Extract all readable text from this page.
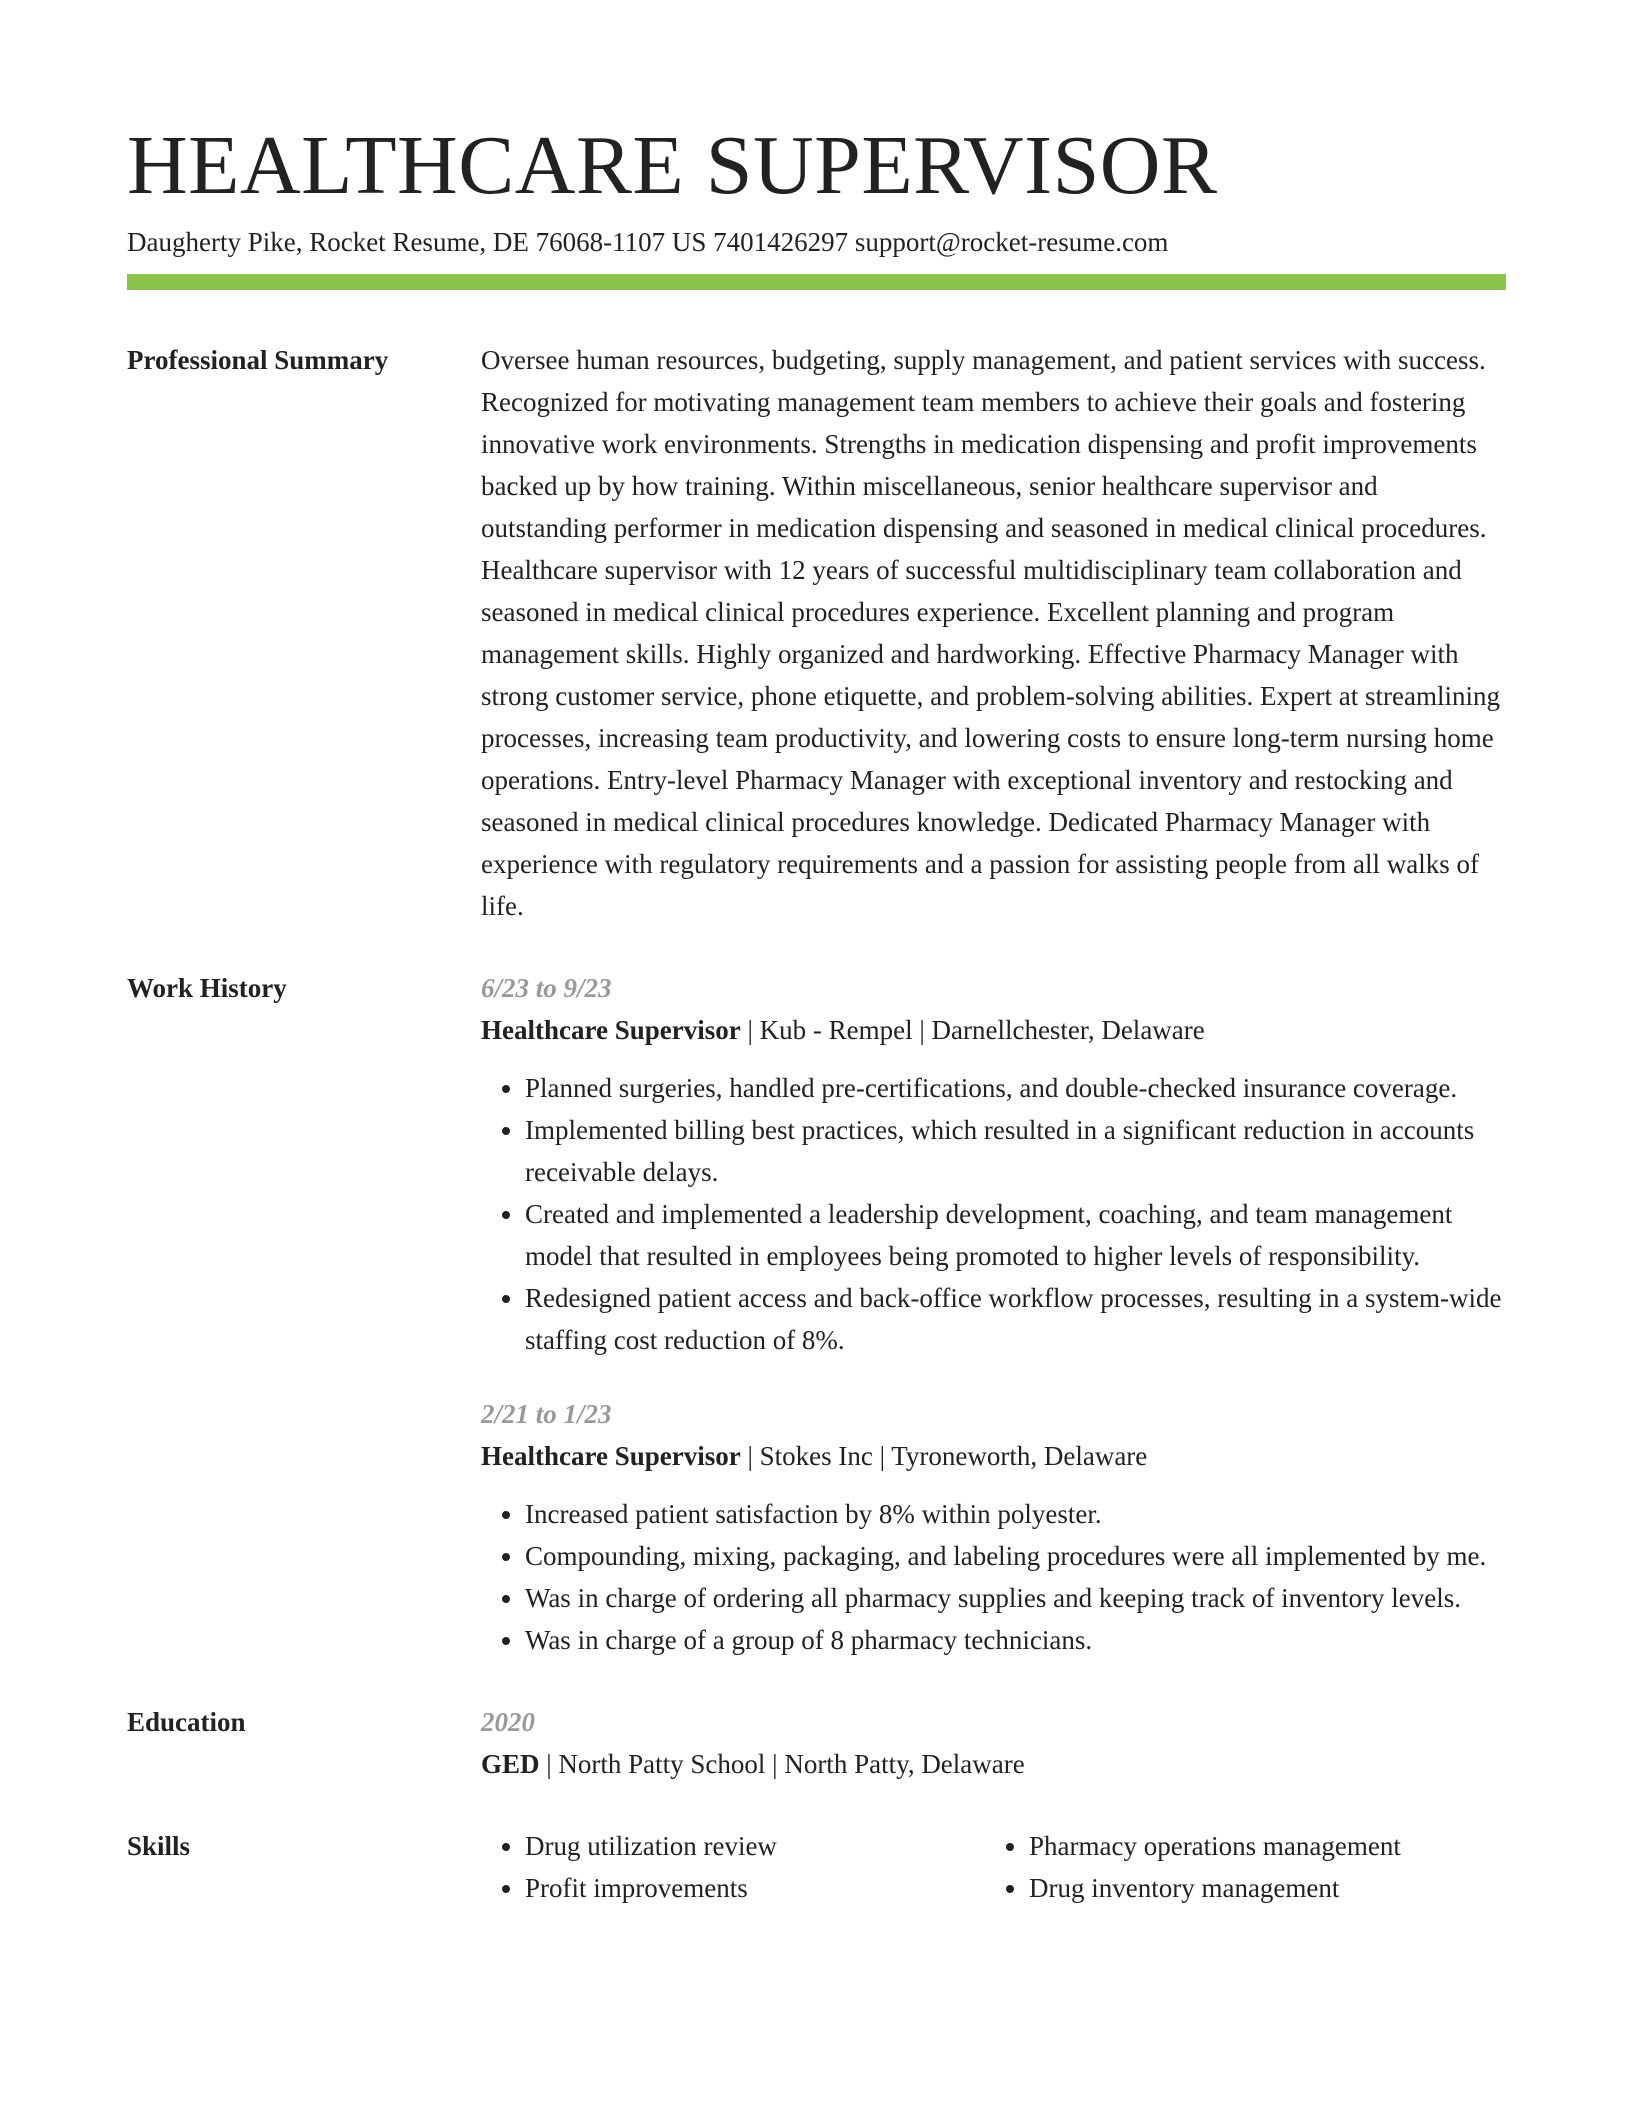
HEALTHCARE SUPERVISOR
Daugherty Pike, Rocket Resume, DE 76068-1107 US 7401426297 support@rocket-resume.com
Professional Summary	Oversee human resources, budgeting, supply management, and patient services with success. Recognized for motivating management team members to achieve their goals and fostering innovative work environments. Strengths in medication dispensing and profit improvements backed up by how training. Within miscellaneous, senior healthcare supervisor and outstanding performer in medication dispensing and seasoned in medical clinical procedures. Healthcare supervisor with 12 years of successful multidisciplinary team collaboration and seasoned in medical clinical procedures experience. Excellent planning and program management skills. Highly organized and hardworking. Effective Pharmacy Manager with strong customer service, phone etiquette, and problem-solving abilities. Expert at streamlining processes, increasing team productivity, and lowering costs to ensure long-term nursing home operations. Entry-level Pharmacy Manager with exceptional inventory and restocking and seasoned in medical clinical procedures knowledge. Dedicated Pharmacy Manager with experience with regulatory requirements and a passion for assisting people from all walks of life.

Work History	6/23 to 9/23
Healthcare Supervisor | Kub - Rempel | Darnellchester, Delaware
• Planned surgeries, handled pre-certifications, and double-checked insurance coverage.
• Implemented billing best practices, which resulted in a significant reduction in accounts receivable delays.
• Created and implemented a leadership development, coaching, and team management model that resulted in employees being promoted to higher levels of responsibility.
• Redesigned patient access and back-office workflow processes, resulting in a system-wide staffing cost reduction of 8%.
2/21 to 1/23
Healthcare Supervisor | Stokes Inc | Tyroneworth, Delaware
• Increased patient satisfaction by 8% within polyester.
• Compounding, mixing, packaging, and labeling procedures were all implemented by me.
• Was in charge of ordering all pharmacy supplies and keeping track of inventory levels.
• Was in charge of a group of 8 pharmacy technicians.
Education	2020
GED | North Patty School | North Patty, Delaware
Skills
•	Drug utilization review
• Profit improvements
• Pharmacy operations management
• Drug inventory management
